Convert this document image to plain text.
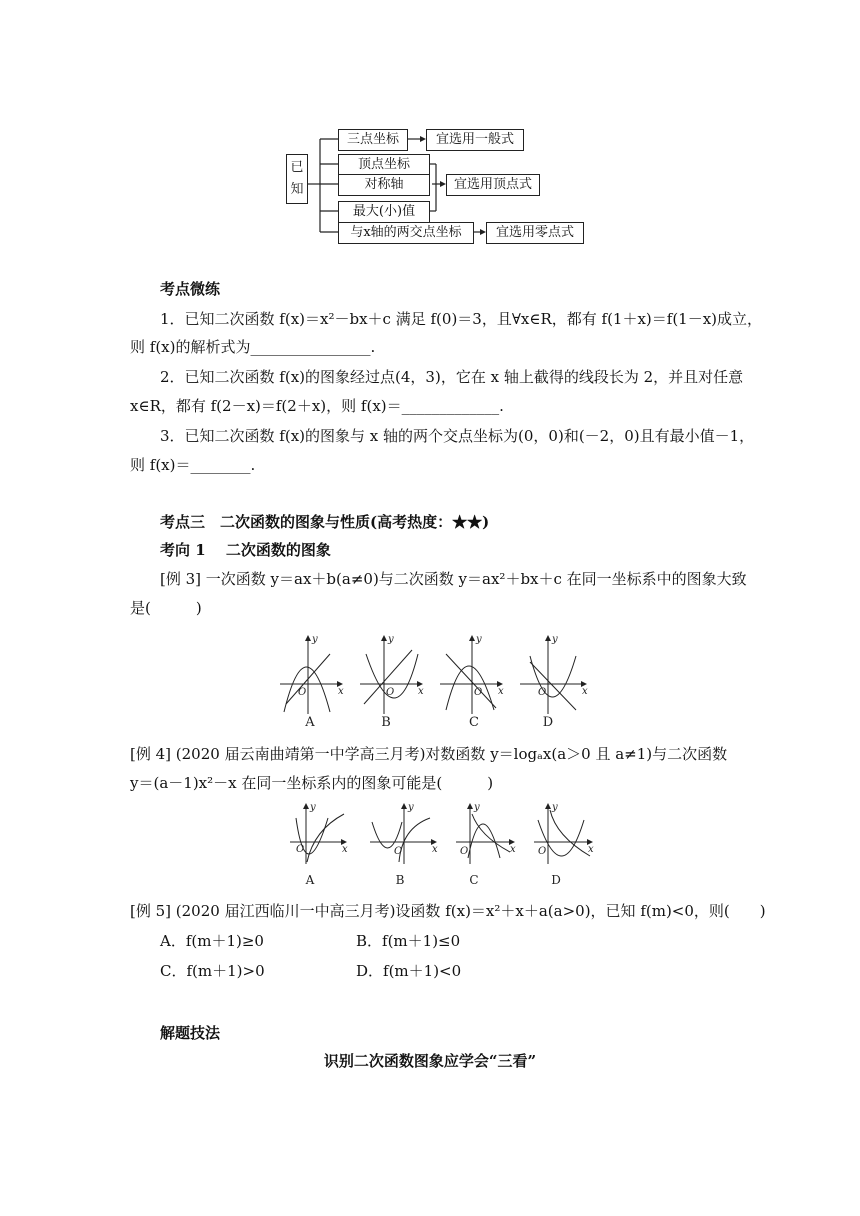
已
知
三点坐标	宜选用一般式
顶点坐标
对称轴
最大(小)值
宜选用顶点式
与x轴的两交点坐标	宜选用零点式
考点微练
1．已知二次函数 f(x)＝x²－bx＋c 满足 f(0)＝3，且∀x∈R，都有 f(1＋x)＝f(1－x)成立，
则 f(x)的解析式为________________.
2．已知二次函数 f(x)的图象经过点(4，3)，它在 x 轴上截得的线段长为 2，并且对任意
x∈R，都有 f(2－x)＝f(2＋x)，则 f(x)＝_____________.
3．已知二次函数 f(x)的图象与 x 轴的两个交点坐标为(0，0)和(－2，0)且有最小值－1，
则 f(x)＝________.
考点三　二次函数的图象与性质(高考热度：★★)
考向 1　 二次函数的图象
[例 3] 一次函数 y＝ax＋b(a≠0)与二次函数 y＝ax²＋bx＋c 在同一坐标系中的图象大致
是(　　　)
y
x
O
y
x
O
y
x
O
y
x
O
A	B	C	D
[例 4] (2020 届云南曲靖第一中学高三月考)对数函数 y＝logₐx(a＞0 且 a≠1)与二次函数
y＝(a－1)x²－x 在同一坐标系内的图象可能是(　　　)
y
x
O
y
x
O
y
x
O
y
x
O
A	B	C	D
[例 5] (2020 届江西临川一中高三月考)设函数 f(x)＝x²＋x＋a(a>0)，已知 f(m)<0，则(　　)
A．f(m＋1)≥0	B．f(m＋1)≤0
C．f(m＋1)>0	D．f(m＋1)<0
解题技法
识别二次函数图象应学会“三看”
